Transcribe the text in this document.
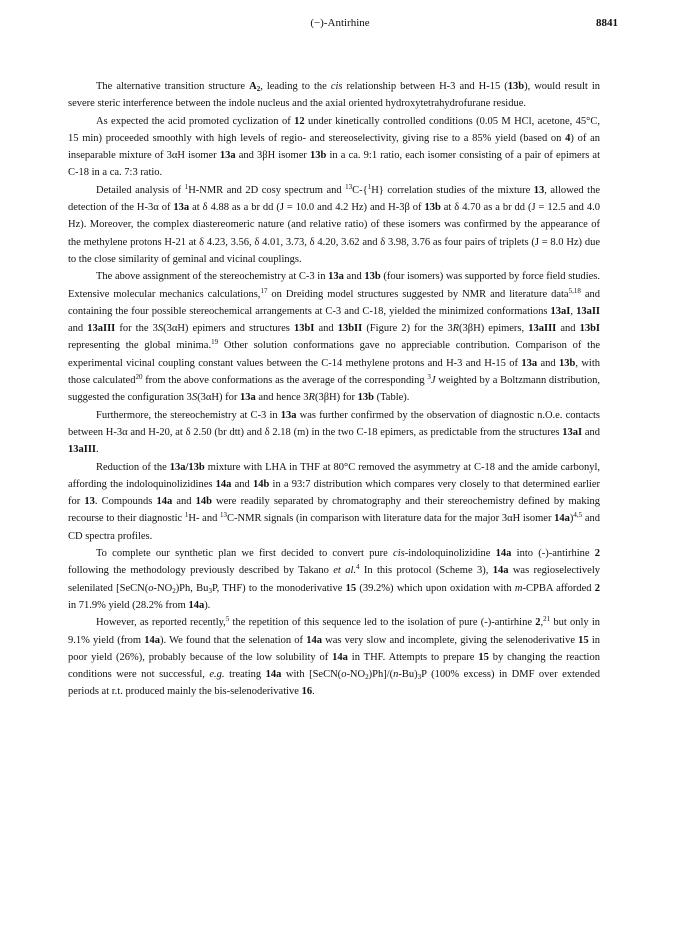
(−)-Antirhine	8841

The alternative transition structure $A_2$, leading to the cis relationship between H-3 and H-15 (13b), would result in severe steric interference between the indole nucleus and the axial oriented hydroxytetrahydrofurane residue.

As expected the acid promoted cyclization of 12 under kinetically controlled conditions (0.05 M HCl, acetone, 45°C, 15 min) proceeded smoothly with high levels of regio- and stereoselectivity, giving rise to a 85% yield (based on 4) of an inseparable mixture of 3αH isomer 13a and 3βH isomer 13b in a ca. 9:1 ratio, each isomer consisting of a pair of epimers at C-18 in a ca. 7:3 ratio.

Detailed analysis of $^1$H-NMR and 2D cosy spectrum and $^{13}$C-{$^1$H} correlation studies of the mixture 13, allowed the detection of the H-3α of 13a at δ 4.88 as a br dd (J = 10.0 and 4.2 Hz) and H-3β of 13b at δ 4.70 as a br dd (J = 12.5 and 4.0 Hz). Moreover, the complex diastereomeric nature (and relative ratio) of these isomers was confirmed by the appearance of the methylene protons H-21 at δ 4.23, 3.56, δ 4.01, 3.73, δ 4.20, 3.62 and δ 3.98, 3.76 as four pairs of triplets (J = 8.0 Hz) due to the close similarity of geminal and vicinal couplings.

The above assignment of the stereochemistry at C-3 in 13a and 13b (four isomers) was supported by force field studies. Extensive molecular mechanics calculations,$^{17}$ on Dreiding model structures suggested by NMR and literature data$^{5,18}$ and containing the four possible stereochemical arrangements at C-3 and C-18, yielded the minimized conformations 13aI, 13aII and 13aIII for the 3S(3αH) epimers and structures 13bI and 13bII (Figure 2) for the 3R(3βH) epimers, 13aIII and 13bI representing the global minima.$^{19}$ Other solution conformations gave no appreciable contribution. Comparison of the experimental vicinal coupling constant values between the C-14 methylene protons and H-3 and H-15 of 13a and 13b, with those calculated$^{20}$ from the above conformations as the average of the corresponding $^3$J weighted by a Boltzmann distribution, suggested the configuration 3S(3αH) for 13a and hence 3R(3βH) for 13b (Table).

Furthermore, the stereochemistry at C-3 in 13a was further confirmed by the observation of diagnostic n.O.e. contacts between H-3α and H-20, at δ 2.50 (br dtt) and δ 2.18 (m) in the two C-18 epimers, as predictable from the structures 13aI and 13aIII.

Reduction of the 13a/13b mixture with LHA in THF at 80°C removed the asymmetry at C-18 and the amide carbonyl, affording the indoloquinolizidines 14a and 14b in a 93:7 distribution which compares very closely to that determined earlier for 13. Compounds 14a and 14b were readily separated by chromatography and their stereochemistry defined by making recourse to their diagnostic $^1$H- and $^{13}$C-NMR signals (in comparison with literature data for the major 3αH isomer 14a)$^{4,5}$ and CD spectra profiles.

To complete our synthetic plan we first decided to convert pure cis-indoloquinolizidine 14a into (-)-antirhine 2 following the methodology previously described by Takano et al.$^4$ In this protocol (Scheme 3), 14a was regioselectively selenilated [$SeCN(o-NO_2)Ph$, $Bu_3P$, THF) to the monoderivative 15 (39.2%) which upon oxidation with m-CPBA afforded 2 in 71.9% yield (28.2% from 14a).

However, as reported recently,$^5$ the repetition of this sequence led to the isolation of pure (-)-antirhine 2,21 but only in 9.1% yield (from 14a). We found that the selenation of 14a was very slow and incomplete, giving the selenoderivative 15 in poor yield (26%), probably because of the low solubility of 14a in THF. Attempts to prepare 15 by changing the reaction conditions were not successful, e.g. treating 14a with $[SeCN(o-NO_2)Ph]/(n-Bu)_3P$ (100% excess) in DMF over extended periods at r.t. produced mainly the bis-selenoderivative 16.
